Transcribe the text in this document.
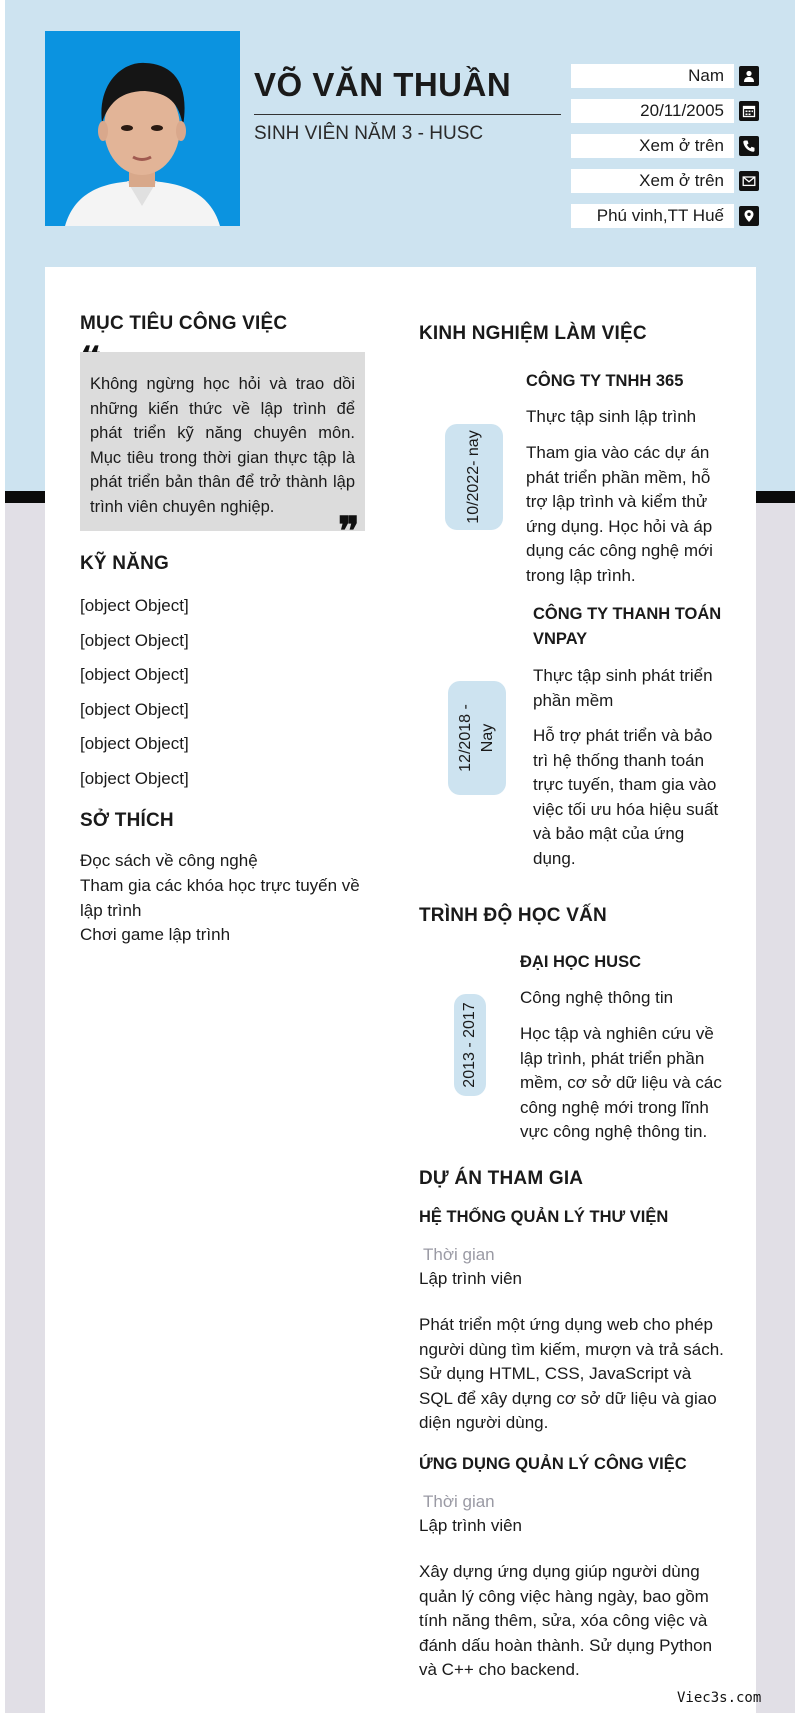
VÕ VĂN THUẦN
SINH VIÊN NĂM 3 - HUSC
Nam
20/11/2005
Xem ở trên
Xem ở trên
Phú vinh,TT Huế
MỤC TIÊU CÔNG VIỆC
Không ngừng học hỏi và trao dồi những kiến thức về lập trình để phát triển kỹ năng chuyên môn. Mục tiêu trong thời gian thực tập là phát triển bản thân để trở thành lập trình viên chuyên nghiệp.
❞
KỸ NĂNG
[object Object]
[object Object]
[object Object]
[object Object]
[object Object]
[object Object]
SỞ THÍCH
Đọc sách về công nghệ
Tham gia các khóa học trực tuyến về lập trình
Chơi game lập trình
KINH NGHIỆM LÀM VIỆC
10/2022- nay
CÔNG TY TNHH 365
Thực tập sinh lập trình
Tham gia vào các dự án phát triển phần mềm, hỗ trợ lập trình và kiểm thử ứng dụng. Học hỏi và áp dụng các công nghệ mới trong lập trình.
12/2018 - Nay
CÔNG TY THANH TOÁN VNPAY
Thực tập sinh phát triển phần mềm
Hỗ trợ phát triển và bảo trì hệ thống thanh toán trực tuyến, tham gia vào việc tối ưu hóa hiệu suất và bảo mật của ứng dụng.
TRÌNH ĐỘ HỌC VẤN
2013 - 2017
ĐẠI HỌC HUSC
Công nghệ thông tin
Học tập và nghiên cứu về lập trình, phát triển phần mềm, cơ sở dữ liệu và các công nghệ mới trong lĩnh vực công nghệ thông tin.
DỰ ÁN THAM GIA
HỆ THỐNG QUẢN LÝ THƯ VIỆN
Thời gian
Lập trình viên
Phát triển một ứng dụng web cho phép người dùng tìm kiếm, mượn và trả sách. Sử dụng HTML, CSS, JavaScript và SQL để xây dựng cơ sở dữ liệu và giao diện người dùng.
ỨNG DỤNG QUẢN LÝ CÔNG VIỆC
Thời gian
Lập trình viên
Xây dựng ứng dụng giúp người dùng quản lý công việc hàng ngày, bao gồm tính năng thêm, sửa, xóa công việc và đánh dấu hoàn thành. Sử dụng Python và C++ cho backend.
Viec3s.com
